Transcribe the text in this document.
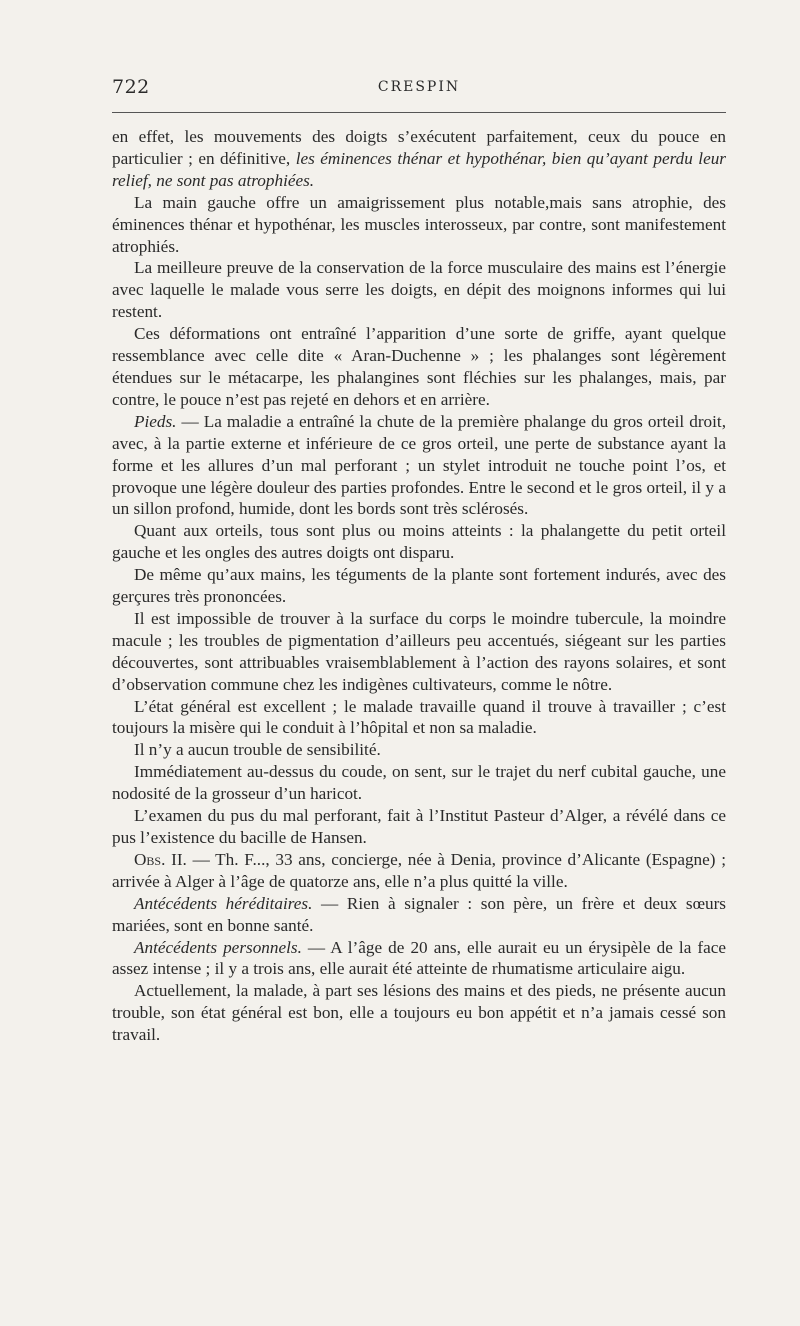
722	CRESPIN

en effet, les mouvements des doigts s’exécutent parfaitement, ceux du pouce en particulier ; en définitive, les éminences thénar et hypothénar, bien qu’ayant perdu leur relief, ne sont pas atrophiées.

La main gauche offre un amaigrissement plus notable,mais sans atrophie, des éminences thénar et hypothénar, les muscles interosseux, par contre, sont manifestement atrophiés.

La meilleure preuve de la conservation de la force musculaire des mains est l’énergie avec laquelle le malade vous serre les doigts, en dépit des moignons informes qui lui restent.

Ces déformations ont entraîné l’apparition d’une sorte de griffe, ayant quelque ressemblance avec celle dite « Aran-Duchenne » ; les phalanges sont légèrement étendues sur le métacarpe, les phalangines sont fléchies sur les phalanges, mais, par contre, le pouce n’est pas rejeté en dehors et en arrière.

Pieds. — La maladie a entraîné la chute de la première phalange du gros orteil droit, avec, à la partie externe et inférieure de ce gros orteil, une perte de substance ayant la forme et les allures d’un mal perforant ; un stylet introduit ne touche point l’os, et provoque une légère douleur des parties profondes. Entre le second et le gros orteil, il y a un sillon profond, humide, dont les bords sont très sclérosés.

Quant aux orteils, tous sont plus ou moins atteints : la phalangette du petit orteil gauche et les ongles des autres doigts ont disparu.

De même qu’aux mains, les téguments de la plante sont fortement indurés, avec des gerçures très prononcées.

Il est impossible de trouver à la surface du corps le moindre tubercule, la moindre macule ; les troubles de pigmentation d’ailleurs peu accentués, siégeant sur les parties découvertes, sont attribuables vraisemblablement à l’action des rayons solaires, et sont d’observation commune chez les indigènes cultivateurs, comme le nôtre.

L’état général est excellent ; le malade travaille quand il trouve à travailler ; c’est toujours la misère qui le conduit à l’hôpital et non sa maladie.

Il n’y a aucun trouble de sensibilité.

Immédiatement au-dessus du coude, on sent, sur le trajet du nerf cubital gauche, une nodosité de la grosseur d’un haricot.

L’examen du pus du mal perforant, fait à l’Institut Pasteur d’Alger, a révélé dans ce pus l’existence du bacille de Hansen.

Obs. II. — Th. F..., 33 ans, concierge, née à Denia, province d’Alicante (Espagne) ; arrivée à Alger à l’âge de quatorze ans, elle n’a plus quitté la ville.

Antécédents héréditaires. — Rien à signaler : son père, un frère et deux sœurs mariées, sont en bonne santé.

Antécédents personnels. — A l’âge de 20 ans, elle aurait eu un érysipèle de la face assez intense ; il y a trois ans, elle aurait été atteinte de rhumatisme articulaire aigu.

Actuellement, la malade, à part ses lésions des mains et des pieds, ne présente aucun trouble, son état général est bon, elle a toujours eu bon appétit et n’a jamais cessé son travail.
